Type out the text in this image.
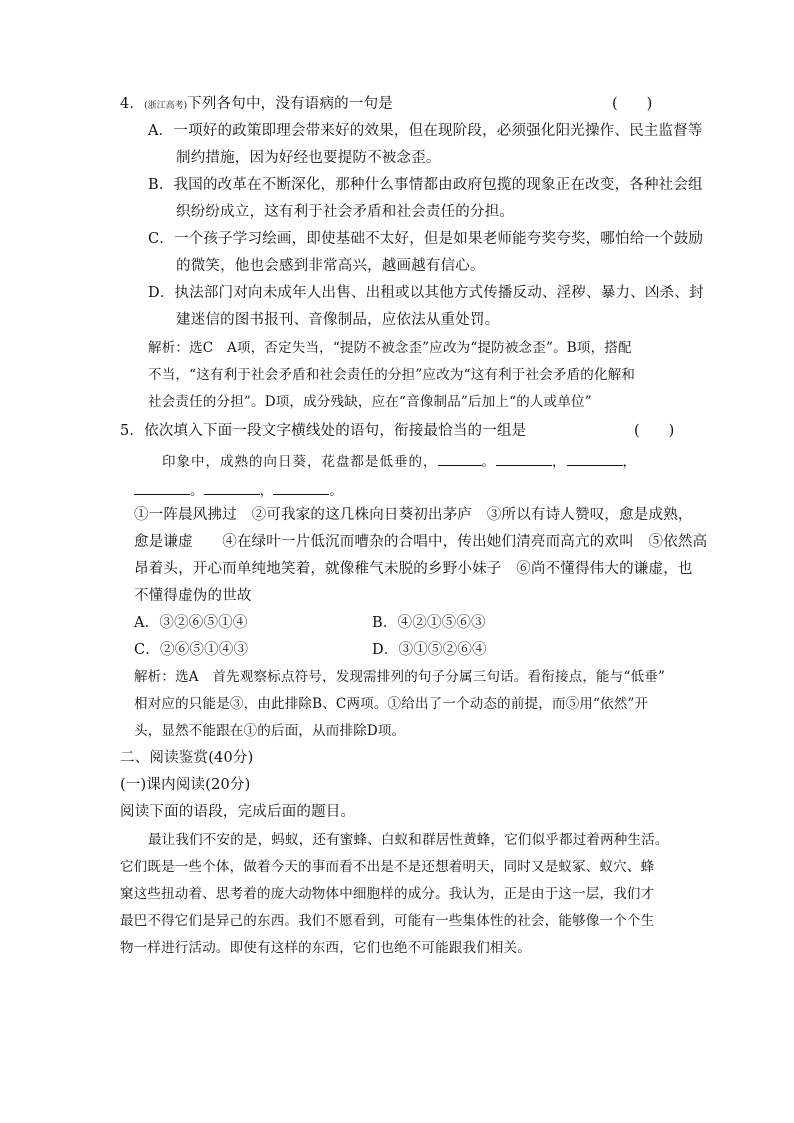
4．(浙江高考)下列各句中，没有语病的一句是	(　　)
A．一项好的政策即理会带来好的效果，但在现阶段，必须强化阳光操作、民主监督等
制约措施，因为好经也要提防不被念歪。
B．我国的改革在不断深化，那种什么事情都由政府包揽的现象正在改变，各种社会组
织纷纷成立，这有利于社会矛盾和社会责任的分担。
C．一个孩子学习绘画，即使基础不太好，但是如果老师能夸奖夸奖，哪怕给一个鼓励
的微笑，他也会感到非常高兴，越画越有信心。
D．执法部门对向未成年人出售、出租或以其他方式传播反动、淫秽、暴力、凶杀、封
建迷信的图书报刊、音像制品，应依法从重处罚。
解析：选C　A项，否定失当，“提防不被念歪”应改为“提防被念歪”。B项，搭配
不当，“这有利于社会矛盾和社会责任的分担”应改为“这有利于社会矛盾的化解和
社会责任的分担”。D项，成分残缺，应在“音像制品”后加上“的人或单位”
5．依次填入下面一段文字横线处的语句，衔接最恰当的一组是	(　　)
印象中，成熟的向日葵，花盘都是低垂的，	。	，	，
。	，	。
①一阵晨风拂过　②可我家的这几株向日葵初出茅庐　③所以有诗人赞叹，愈是成熟，
愈是谦虚　　④在绿叶一片低沉而嘈杂的合唱中，传出她们清亮而高亢的欢叫　⑤依然高
昂着头，开心而单纯地笑着，就像稚气未脱的乡野小妹子　⑥尚不懂得伟大的谦虚，也
不懂得虚伪的世故
A．③②⑥⑤①④	B．④②①⑤⑥③
C．②⑥⑤①④③	D．③①⑤②⑥④
解析：选A　首先观察标点符号，发现需排列的句子分属三句话。看衔接点，能与“低垂”
相对应的只能是③，由此排除B、C两项。①给出了一个动态的前提，而⑤用“依然”开
头，显然不能跟在①的后面，从而排除D项。
二、阅读鉴赏(40分)
(一)课内阅读(20分)
阅读下面的语段，完成后面的题目。
最让我们不安的是，蚂蚁，还有蜜蜂、白蚁和群居性黄蜂，它们似乎都过着两种生活。
它们既是一些个体，做着今天的事而看不出是不是还想着明天，同时又是蚁冢、蚁穴、蜂
窠这些扭动着、思考着的庞大动物体中细胞样的成分。我认为，正是由于这一层，我们才
最巴不得它们是异己的东西。我们不愿看到，可能有一些集体性的社会，能够像一个个生
物一样进行活动。即使有这样的东西，它们也绝不可能跟我们相关。
